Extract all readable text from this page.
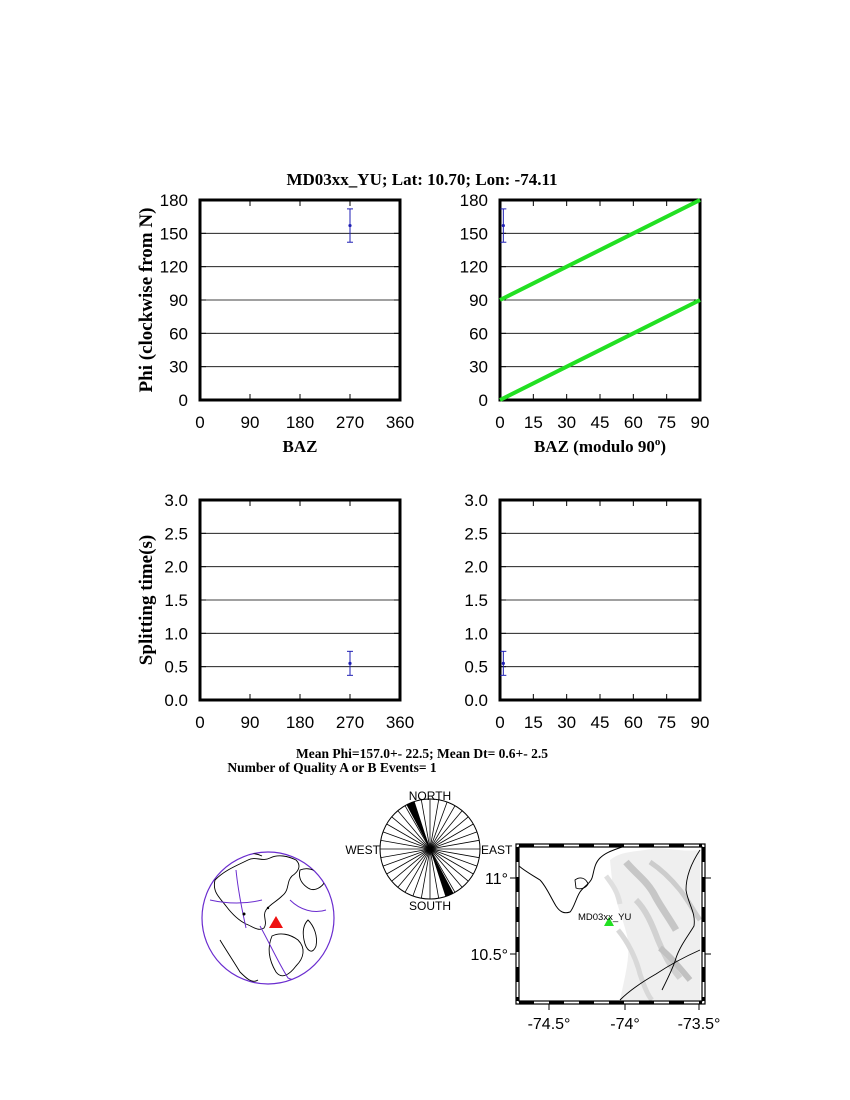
MD03xx_YU; Lat: 10.70; Lon: -74.11
0 90 180 270 360
0
30
60
90
120
150
180
BAZ
Phi (clockwise from N)
0 15 30 45 60 75 90
0
30
60
90
120
150
180
BAZ (modulo 90$^o$)
0 90 180 270 360
0.0
0.5
1.0
1.5
2.0
2.5
3.0
Splitting time(s)
0 15 30 45 60 75 90
0.0
0.5
1.0
1.5
2.0
2.5
3.0
Mean Phi=157.0+- 22.5; Mean Dt= 0.6+- 2.5
Number of Quality A or B Events= 1
NORTH
SOUTH
EAST
WEST
MD03xx_YU
11°
10.5°
-74.5° -74° -73.5°
